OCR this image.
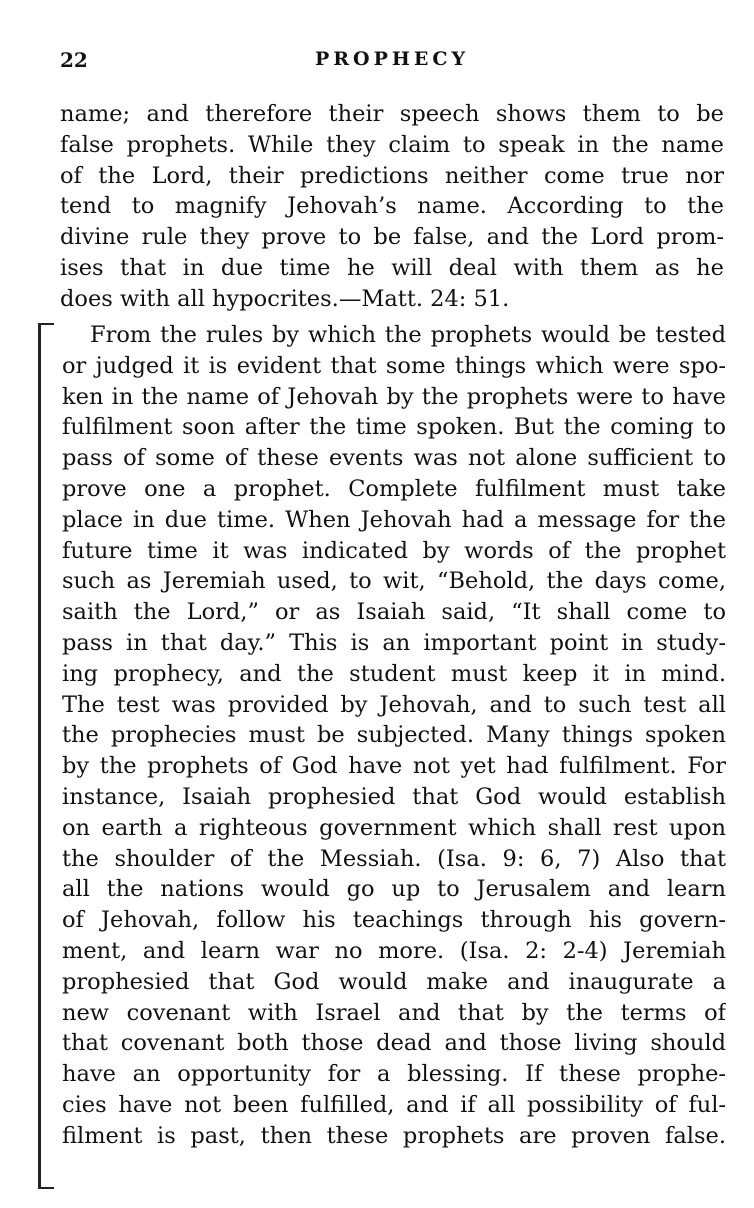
22	PROPHECY
name; and therefore their speech shows them to be
false prophets. While they claim to speak in the name
of the Lord, their predictions neither come true nor
tend to magnify Jehovah’s name. According to the
divine rule they prove to be false, and the Lord prom-
ises that in due time he will deal with them as he
does with all hypocrites.—Matt. 24: 51.
From the rules by which the prophets would be tested
or judged it is evident that some things which were spo-
ken in the name of Jehovah by the prophets were to have
fulfilment soon after the time spoken. But the coming to
pass of some of these events was not alone sufficient to
prove one a prophet. Complete fulfilment must take
place in due time. When Jehovah had a message for the
future time it was indicated by words of the prophet
such as Jeremiah used, to wit, “Behold, the days come,
saith the Lord,” or as Isaiah said, “It shall come to
pass in that day.” This is an important point in study-
ing prophecy, and the student must keep it in mind.
The test was provided by Jehovah, and to such test all
the prophecies must be subjected. Many things spoken
by the prophets of God have not yet had fulfilment. For
instance, Isaiah prophesied that God would establish
on earth a righteous government which shall rest upon
the shoulder of the Messiah. (Isa. 9: 6, 7) Also that
all the nations would go up to Jerusalem and learn
of Jehovah, follow his teachings through his govern-
ment, and learn war no more. (Isa. 2: 2-4) Jeremiah
prophesied that God would make and inaugurate a
new covenant with Israel and that by the terms of
that covenant both those dead and those living should
have an opportunity for a blessing. If these prophe-
cies have not been fulfilled, and if all possibility of ful-
filment is past, then these prophets are proven false.
